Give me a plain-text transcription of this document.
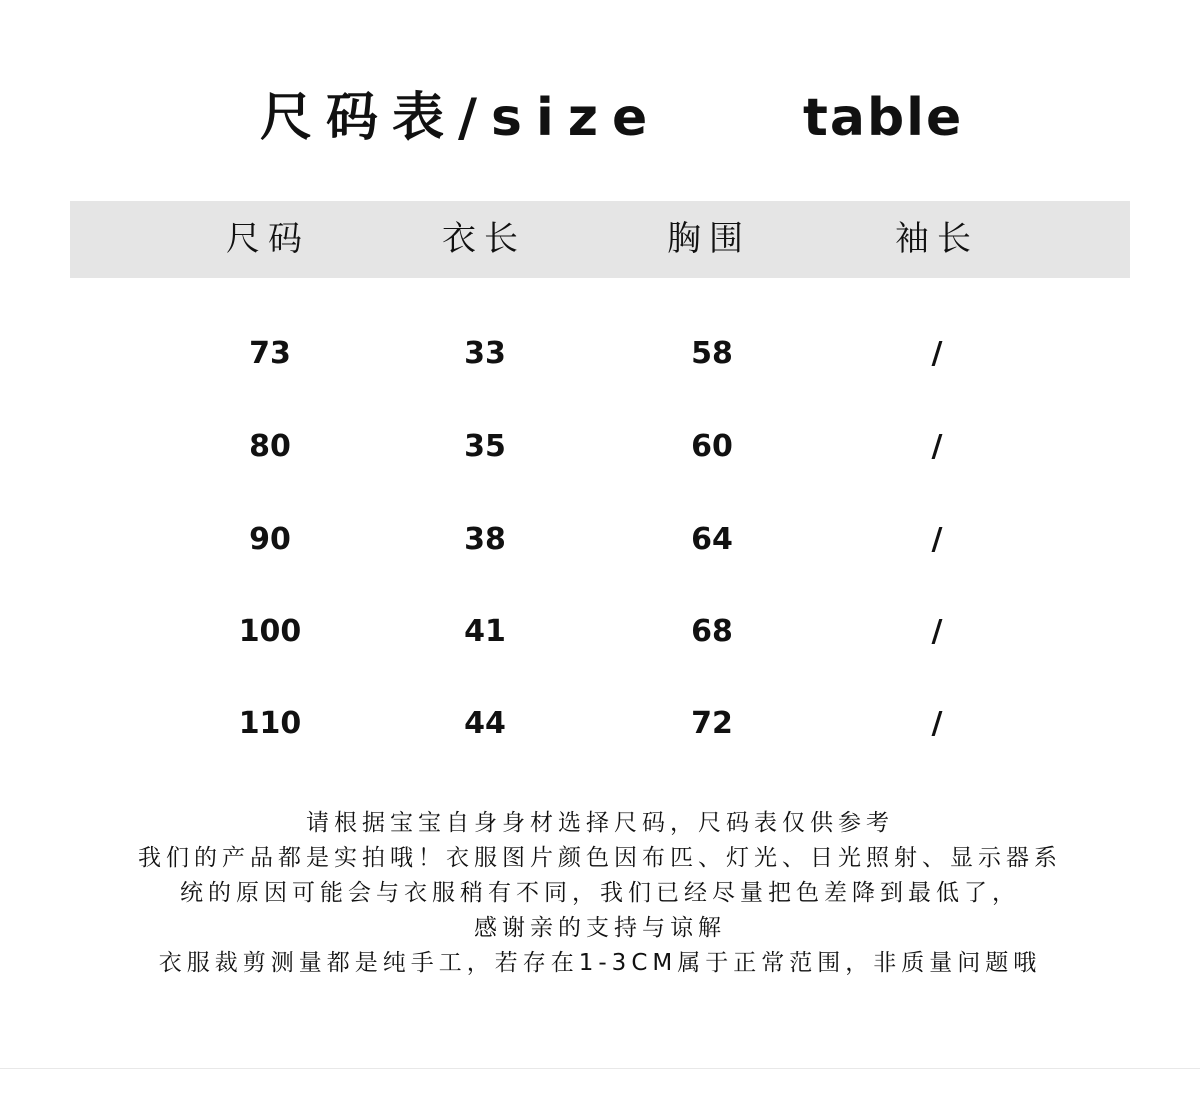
尺码表/size	table
尺码	衣长	胸围	袖长
73	33	58	/
80	35	60	/
90	38	64	/
100	41	68	/
110	44	72	/
请根据宝宝自身身材选择尺码，尺码表仅供参考
我们的产品都是实拍哦！衣服图片颜色因布匹、灯光、日光照射、显示器系
统的原因可能会与衣服稍有不同，我们已经尽量把色差降到最低了，
感谢亲的支持与谅解
衣服裁剪测量都是纯手工，若存在1-3CM属于正常范围，非质量问题哦
